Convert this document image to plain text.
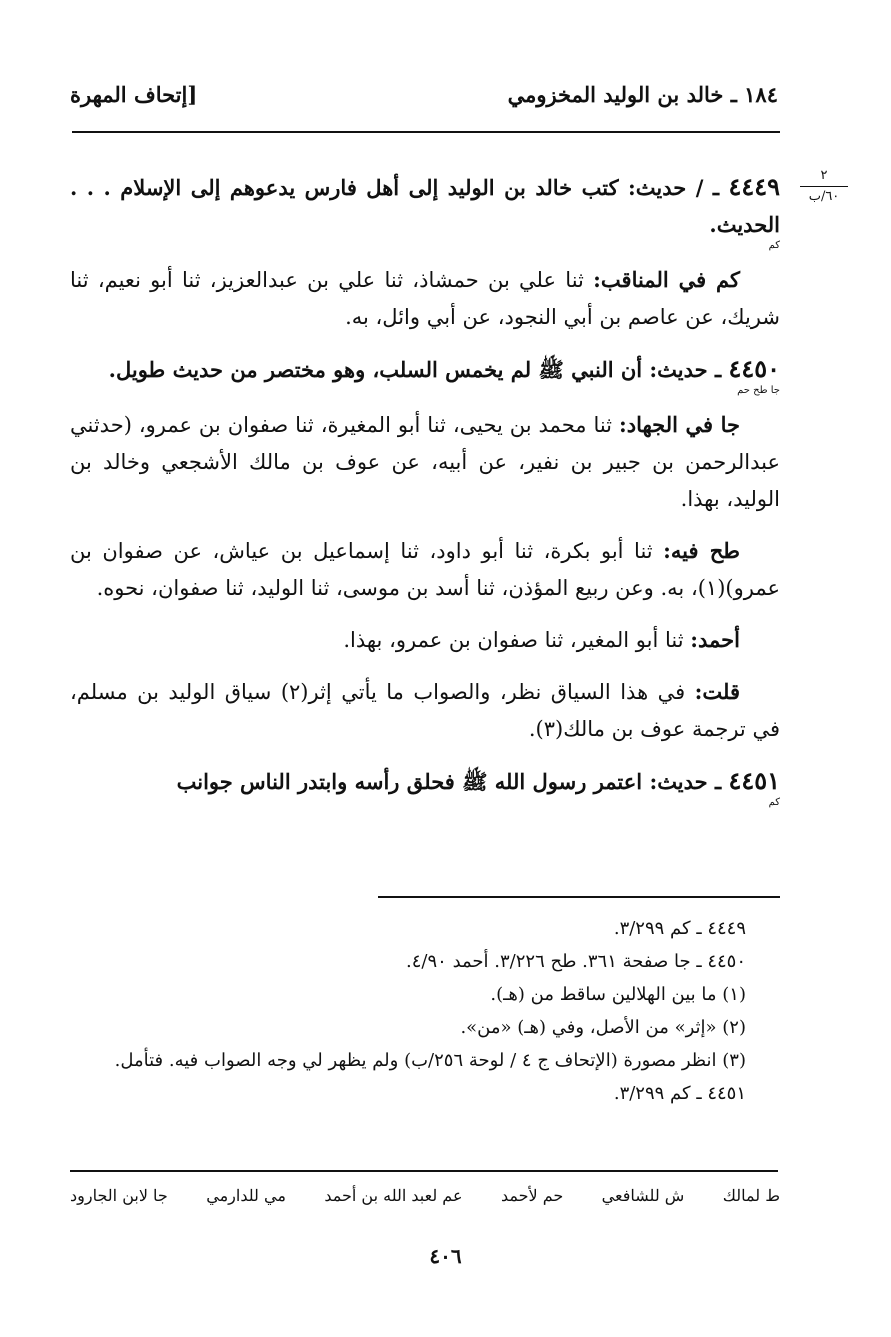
١٨٤ ـ خالد بن الوليد المخزومي
[إتحاف المهرة
٢
٦٠/ب

٤٤٤٩ ـ / حديث: كتب خالد بن الوليد إلى أهل فارس يدعوهم إلى الإسلام . . . الحديث.
كم

كم في المناقب: ثنا علي بن حمشاذ، ثنا علي بن عبدالعزيز، ثنا أبو نعيم، ثنا شريك، عن عاصم بن أبي النجود، عن أبي وائل، به.

٤٤٥٠ ـ حديث: أن النبي ﷺ لم يخمس السلب، وهو مختصر من حديث طويل.
جا طح حم

جا في الجهاد: ثنا محمد بن يحيى، ثنا أبو المغيرة، ثنا صفوان بن عمرو، (حدثني عبدالرحمن بن جبير بن نفير، عن أبيه، عن عوف بن مالك الأشجعي وخالد بن الوليد، بهذا.

طح فيه: ثنا أبو بكرة، ثنا أبو داود، ثنا إسماعيل بن عياش، عن صفوان بن عمرو)(١)، به. وعن ربيع المؤذن، ثنا أسد بن موسى، ثنا الوليد، ثنا صفوان، نحوه.

أحمد: ثنا أبو المغير، ثنا صفوان بن عمرو، بهذا.

قلت: في هذا السياق نظر، والصواب ما يأتي إثر(٢) سياق الوليد بن مسلم، في ترجمة عوف بن مالك(٣).

٤٤٥١ ـ حديث: اعتمر رسول الله ﷺ فحلق رأسه وابتدر الناس جوانب
كم

٤٤٤٩ ـ كم ٣/٢٩٩.

٤٤٥٠ ـ جا صفحة ٣٦١. طح ٣/٢٢٦. أحمد ٤/٩٠.

(١) ما بين الهلالين ساقط من (هـ).

(٢) «إثر» من الأصل، وفي (هـ) «من».

(٣) انظر مصورة (الإتحاف ج ٤ / لوحة ٢٥٦/ب) ولم يظهر لي وجه الصواب فيه. فتأمل.

٤٤٥١ ـ كم ٣/٢٩٩.

ط لمالك
ش للشافعي
حم لأحمد
عم لعبد الله بن أحمد
مي للدارمي
جا لابن الجارود
٤٠٦
